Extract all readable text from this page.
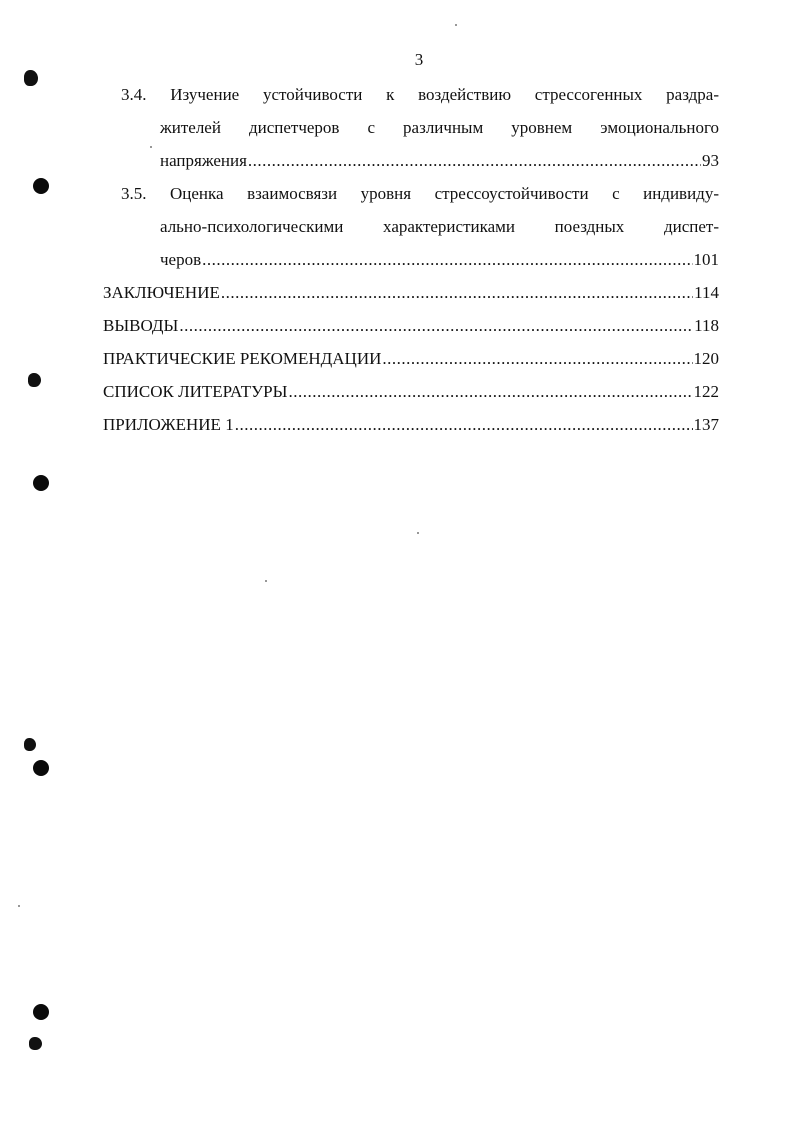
3
3.4. Изучение устойчивости к воздействию стрессогенных раздра-
жителей диспетчеров с различным уровнем эмоционального
напряжения .....	93
3.5. Оценка взаимосвязи уровня стрессоустойчивости с индивиду-
ально-психологическими характеристиками поездных диспет-
черов .....	101
ЗАКЛЮЧЕНИЕ .....	114
ВЫВОДЫ .....	118
ПРАКТИЧЕСКИЕ РЕКОМЕНДАЦИИ .....	120
СПИСОК ЛИТЕРАТУРЫ .....	122
ПРИЛОЖЕНИЕ 1 .....	137
